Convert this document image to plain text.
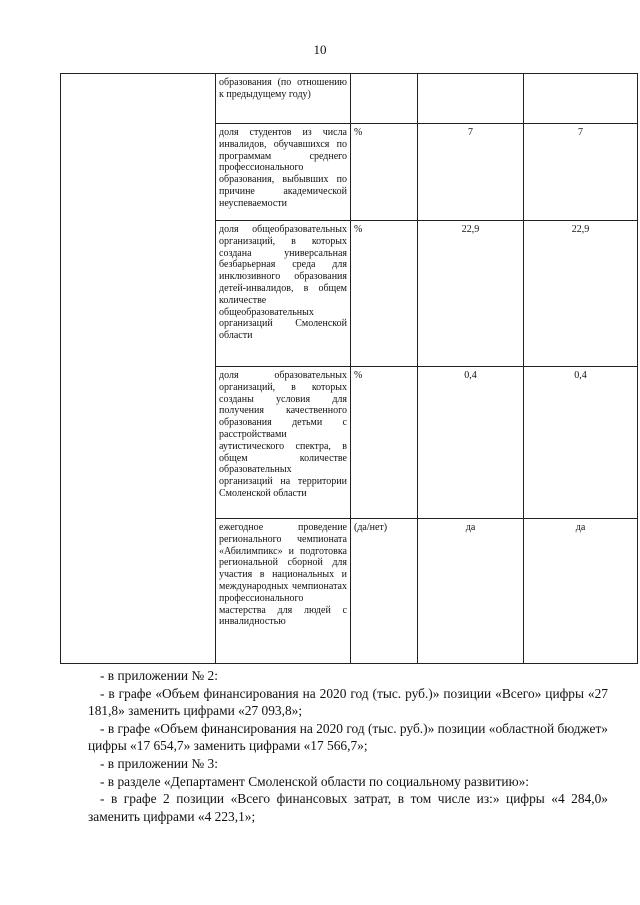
10
	образования (по отношению к предыдущему году)			
	доля студентов из числа инвалидов, обучавшихся по программам среднего профессионального образования, выбывших по причине академической неуспеваемости	%	7	7
	доля общеобразовательных организаций, в которых создана универсальная безбарьерная среда для инклюзивного образования детей-инвалидов, в общем количестве общеобразовательных организаций Смоленской области	%	22,9	22,9
	доля образовательных организаций, в которых созданы условия для получения качественного образования детьми с расстройствами аутистического спектра, в общем количестве образовательных организаций на территории Смоленской области	%	0,4	0,4
	ежегодное проведение регионального чемпионата «Абилимпикс» и подготовка региональной сборной для участия в национальных и международных чемпионатах профессионального мастерства для людей с инвалидностью	(да/нет)	да	да

- в приложении № 2:

- в графе «Объем финансирования на 2020 год (тыс. руб.)» позиции «Всего» цифры «27 181,8» заменить цифрами «27 093,8»;

- в графе «Объем финансирования на 2020 год (тыс. руб.)» позиции «областной бюджет» цифры «17 654,7» заменить цифрами «17 566,7»;

- в приложении № 3:

- в разделе «Департамент Смоленской области по социальному развитию»:

- в графе 2 позиции «Всего финансовых затрат, в том числе из:» цифры «4 284,0» заменить цифрами «4 223,1»;
